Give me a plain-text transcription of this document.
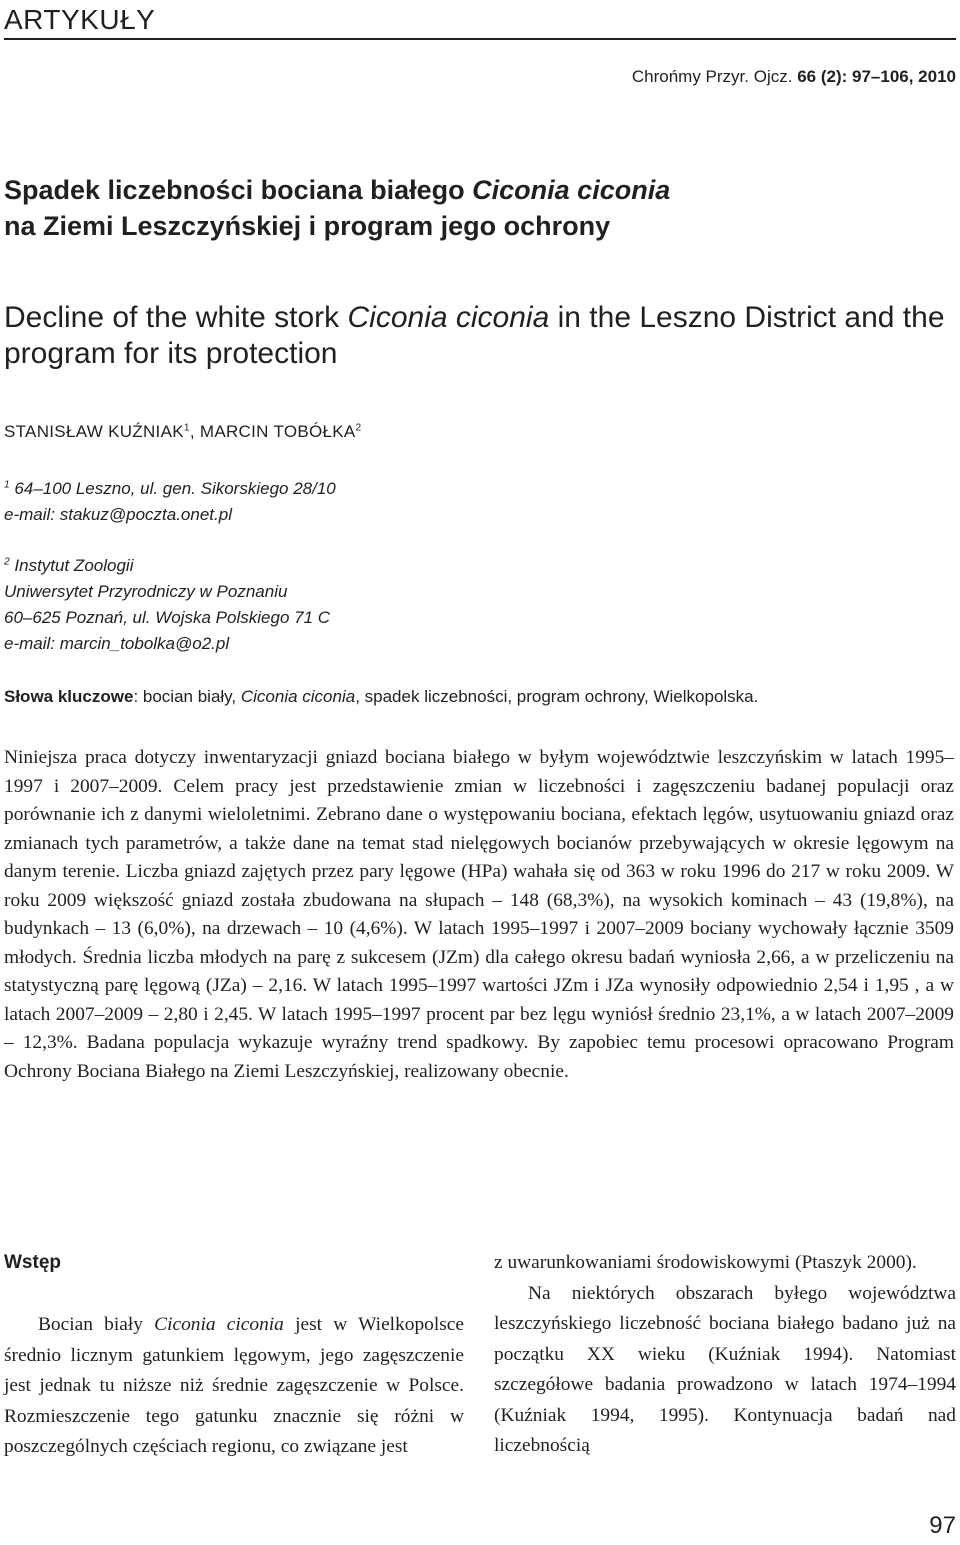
ARTYKUŁY
Chrońmy Przyr. Ojcz. 66 (2): 97–106, 2010
Spadek liczebności bociana białego Ciconia ciconia
na Ziemi Leszczyńskiej i program jego ochrony
Decline of the white stork Ciconia ciconia in the Leszno District and the program for its protection
STANISŁAW KUŹNIAK$^1$, MARCIN TOBÓŁKA$^2$
$^1$ 64–100 Leszno, ul. gen. Sikorskiego 28/10
e-mail: stakuz@poczta.onet.pl
$^2$ Instytut Zoologii
Uniwersytet Przyrodniczy w Poznaniu
60–625 Poznań, ul. Wojska Polskiego 71 C
e-mail: marcin_tobolka@o2.pl
Słowa kluczowe: bocian biały, Ciconia ciconia, spadek liczebności, program ochrony, Wielkopolska.

Niniejsza praca dotyczy inwentaryzacji gniazd bociana białego w byłym województwie leszczyńskim w latach 1995–1997 i 2007–2009. Celem pracy jest przedstawienie zmian w liczebności i zagęszczeniu badanej populacji oraz porównanie ich z danymi wieloletnimi. Zebrano dane o występowaniu bociana, efektach lęgów, usytuowaniu gniazd oraz zmianach tych parametrów, a także dane na temat stad nielęgowych bocianów przebywających w okresie lęgowym na danym terenie. Liczba gniazd zajętych przez pary lęgowe (HPa) wahała się od 363 w roku 1996 do 217 w roku 2009. W roku 2009 większość gniazd została zbudowana na słupach – 148 (68,3%), na wysokich kominach – 43 (19,8%), na budynkach – 13 (6,0%), na drzewach – 10 (4,6%). W latach 1995–1997 i 2007–2009 bociany wychowały łącznie 3509 młodych. Średnia liczba młodych na parę z sukcesem (JZm) dla całego okresu badań wyniosła 2,66, a w przeliczeniu na statystyczną parę lęgową (JZa) – 2,16. W latach 1995–1997 wartości JZm i JZa wynosiły odpowiednio 2,54 i 1,95 , a w latach 2007–2009 – 2,80 i 2,45. W latach 1995–1997 procent par bez lęgu wyniósł średnio 23,1%, a w latach 2007–2009 – 12,3%. Badana populacja wykazuje wyraźny trend spadkowy. By zapobiec temu procesowi opracowano Program Ochrony Bociana Białego na Ziemi Leszczyńskiej, realizowany obecnie.

Wstęp

Bocian biały Ciconia ciconia jest w Wielkopolsce średnio licznym gatunkiem lęgowym, jego zagęszczenie jest jednak tu niższe niż średnie zagęszczenie w Polsce. Rozmieszczenie tego gatunku znacznie się różni w poszczególnych częściach regionu, co związane jest

z uwarunkowaniami środowiskowymi (Ptaszyk 2000).
Na niektórych obszarach byłego województwa leszczyńskiego liczebność bociana białego badano już na początku XX wieku (Kuźniak 1994). Natomiast szczegółowe badania prowadzono w latach 1974–1994 (Kuźniak 1994, 1995). Kontynuacja badań nad liczebnością
97
